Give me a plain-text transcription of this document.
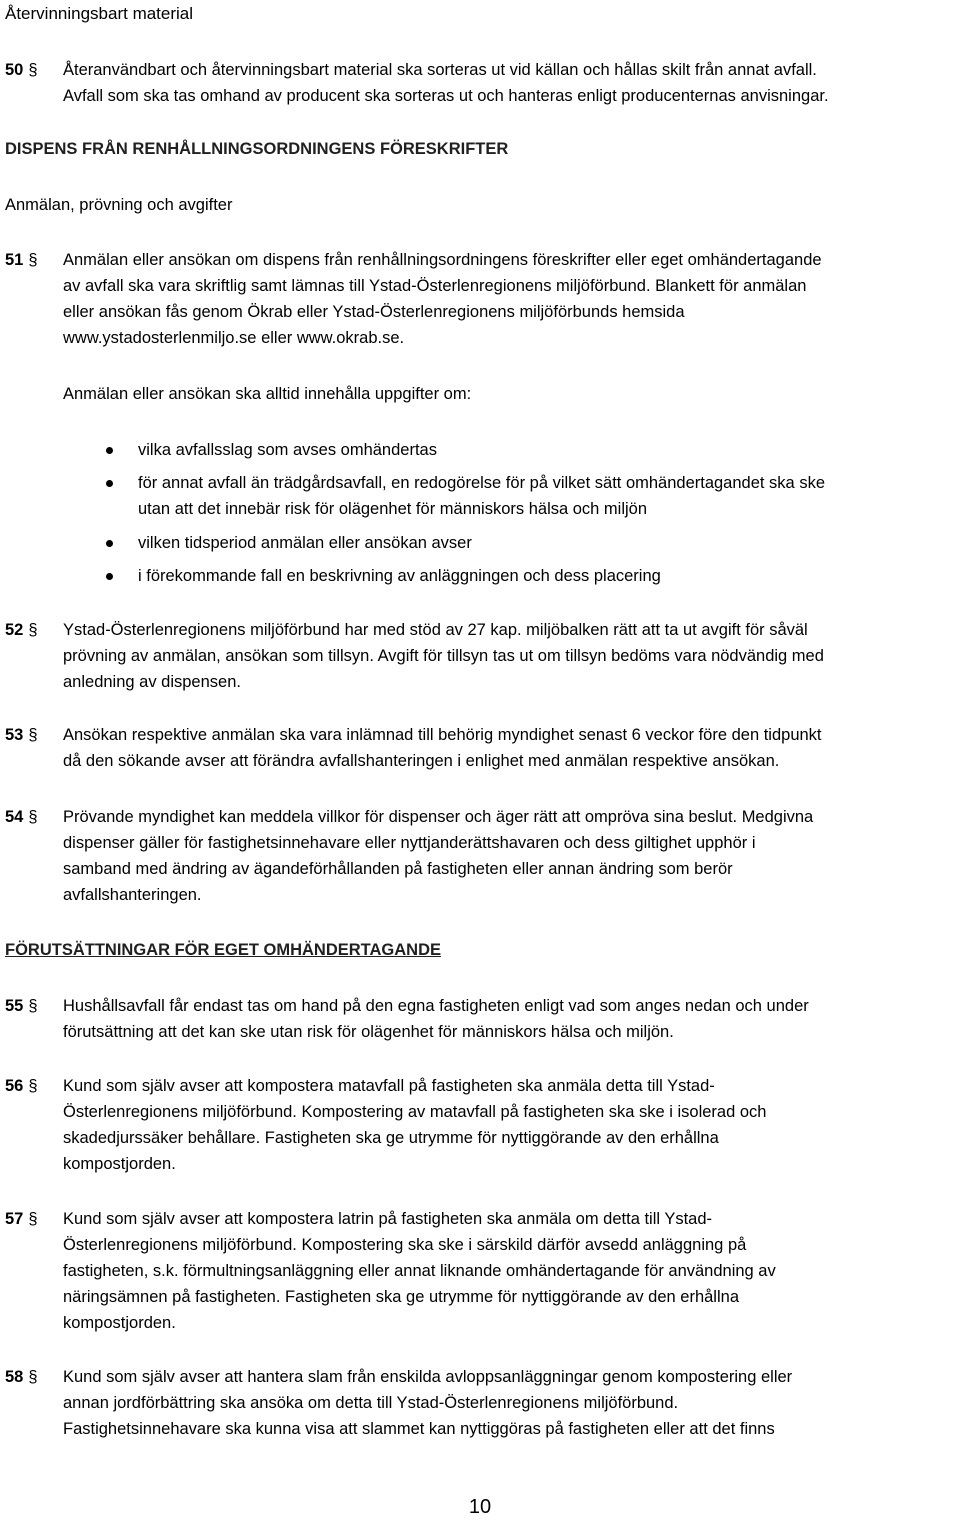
Återvinningsbart material
50 § Återanvändbart och återvinningsbart material ska sorteras ut vid källan och hållas skilt från annat avfall.
Avfall som ska tas omhand av producent ska sorteras ut och hanteras enligt producenternas anvisningar.
DISPENS FRÅN RENHÅLLNINGSORDNINGENS FÖRESKRIFTER
Anmälan, prövning och avgifter
51 § Anmälan eller ansökan om dispens från renhållningsordningens föreskrifter eller eget omhändertagande
av avfall ska vara skriftlig samt lämnas till Ystad-Österlenregionens miljöförbund. Blankett för anmälan
eller ansökan fås genom Ökrab eller Ystad-Österlenregionens miljöförbunds hemsida
www.ystadosterlenmiljo.se eller www.okrab.se.
Anmälan eller ansökan ska alltid innehålla uppgifter om:
vilka avfallsslag som avses omhändertas
för annat avfall än trädgårdsavfall, en redogörelse för på vilket sätt omhändertagandet ska ske
utan att det innebär risk för olägenhet för människors hälsa och miljön
vilken tidsperiod anmälan eller ansökan avser
i förekommande fall en beskrivning av anläggningen och dess placering
52 § Ystad-Österlenregionens miljöförbund har med stöd av 27 kap. miljöbalken rätt att ta ut avgift för såväl
prövning av anmälan, ansökan som tillsyn. Avgift för tillsyn tas ut om tillsyn bedöms vara nödvändig med
anledning av dispensen.
53 § Ansökan respektive anmälan ska vara inlämnad till behörig myndighet senast 6 veckor före den tidpunkt
då den sökande avser att förändra avfallshanteringen i enlighet med anmälan respektive ansökan.
54 § Prövande myndighet kan meddela villkor för dispenser och äger rätt att ompröva sina beslut. Medgivna
dispenser gäller för fastighetsinnehavare eller nyttjanderättshavaren och dess giltighet upphör i
samband med ändring av ägandeförhållanden på fastigheten eller annan ändring som berör
avfallshanteringen.
FÖRUTSÄTTNINGAR FÖR EGET OMHÄNDERTAGANDE
55 § Hushållsavfall får endast tas om hand på den egna fastigheten enligt vad som anges nedan och under
förutsättning att det kan ske utan risk för olägenhet för människors hälsa och miljön.
56 § Kund som själv avser att kompostera matavfall på fastigheten ska anmäla detta till Ystad-
Österlenregionens miljöförbund. Kompostering av matavfall på fastigheten ska ske i isolerad och
skadedjurssäker behållare. Fastigheten ska ge utrymme för nyttiggörande av den erhållna
kompostjorden.
57 § Kund som själv avser att kompostera latrin på fastigheten ska anmäla om detta till Ystad-
Österlenregionens miljöförbund. Kompostering ska ske i särskild därför avsedd anläggning på
fastigheten, s.k. förmultningsanläggning eller annat liknande omhändertagande för användning av
näringsämnen på fastigheten. Fastigheten ska ge utrymme för nyttiggörande av den erhållna
kompostjorden.
58 § Kund som själv avser att hantera slam från enskilda avloppsanläggningar genom kompostering eller
annan jordförbättring ska ansöka om detta till Ystad-Österlenregionens miljöförbund.
Fastighetsinnehavare ska kunna visa att slammet kan nyttiggöras på fastigheten eller att det finns
10
